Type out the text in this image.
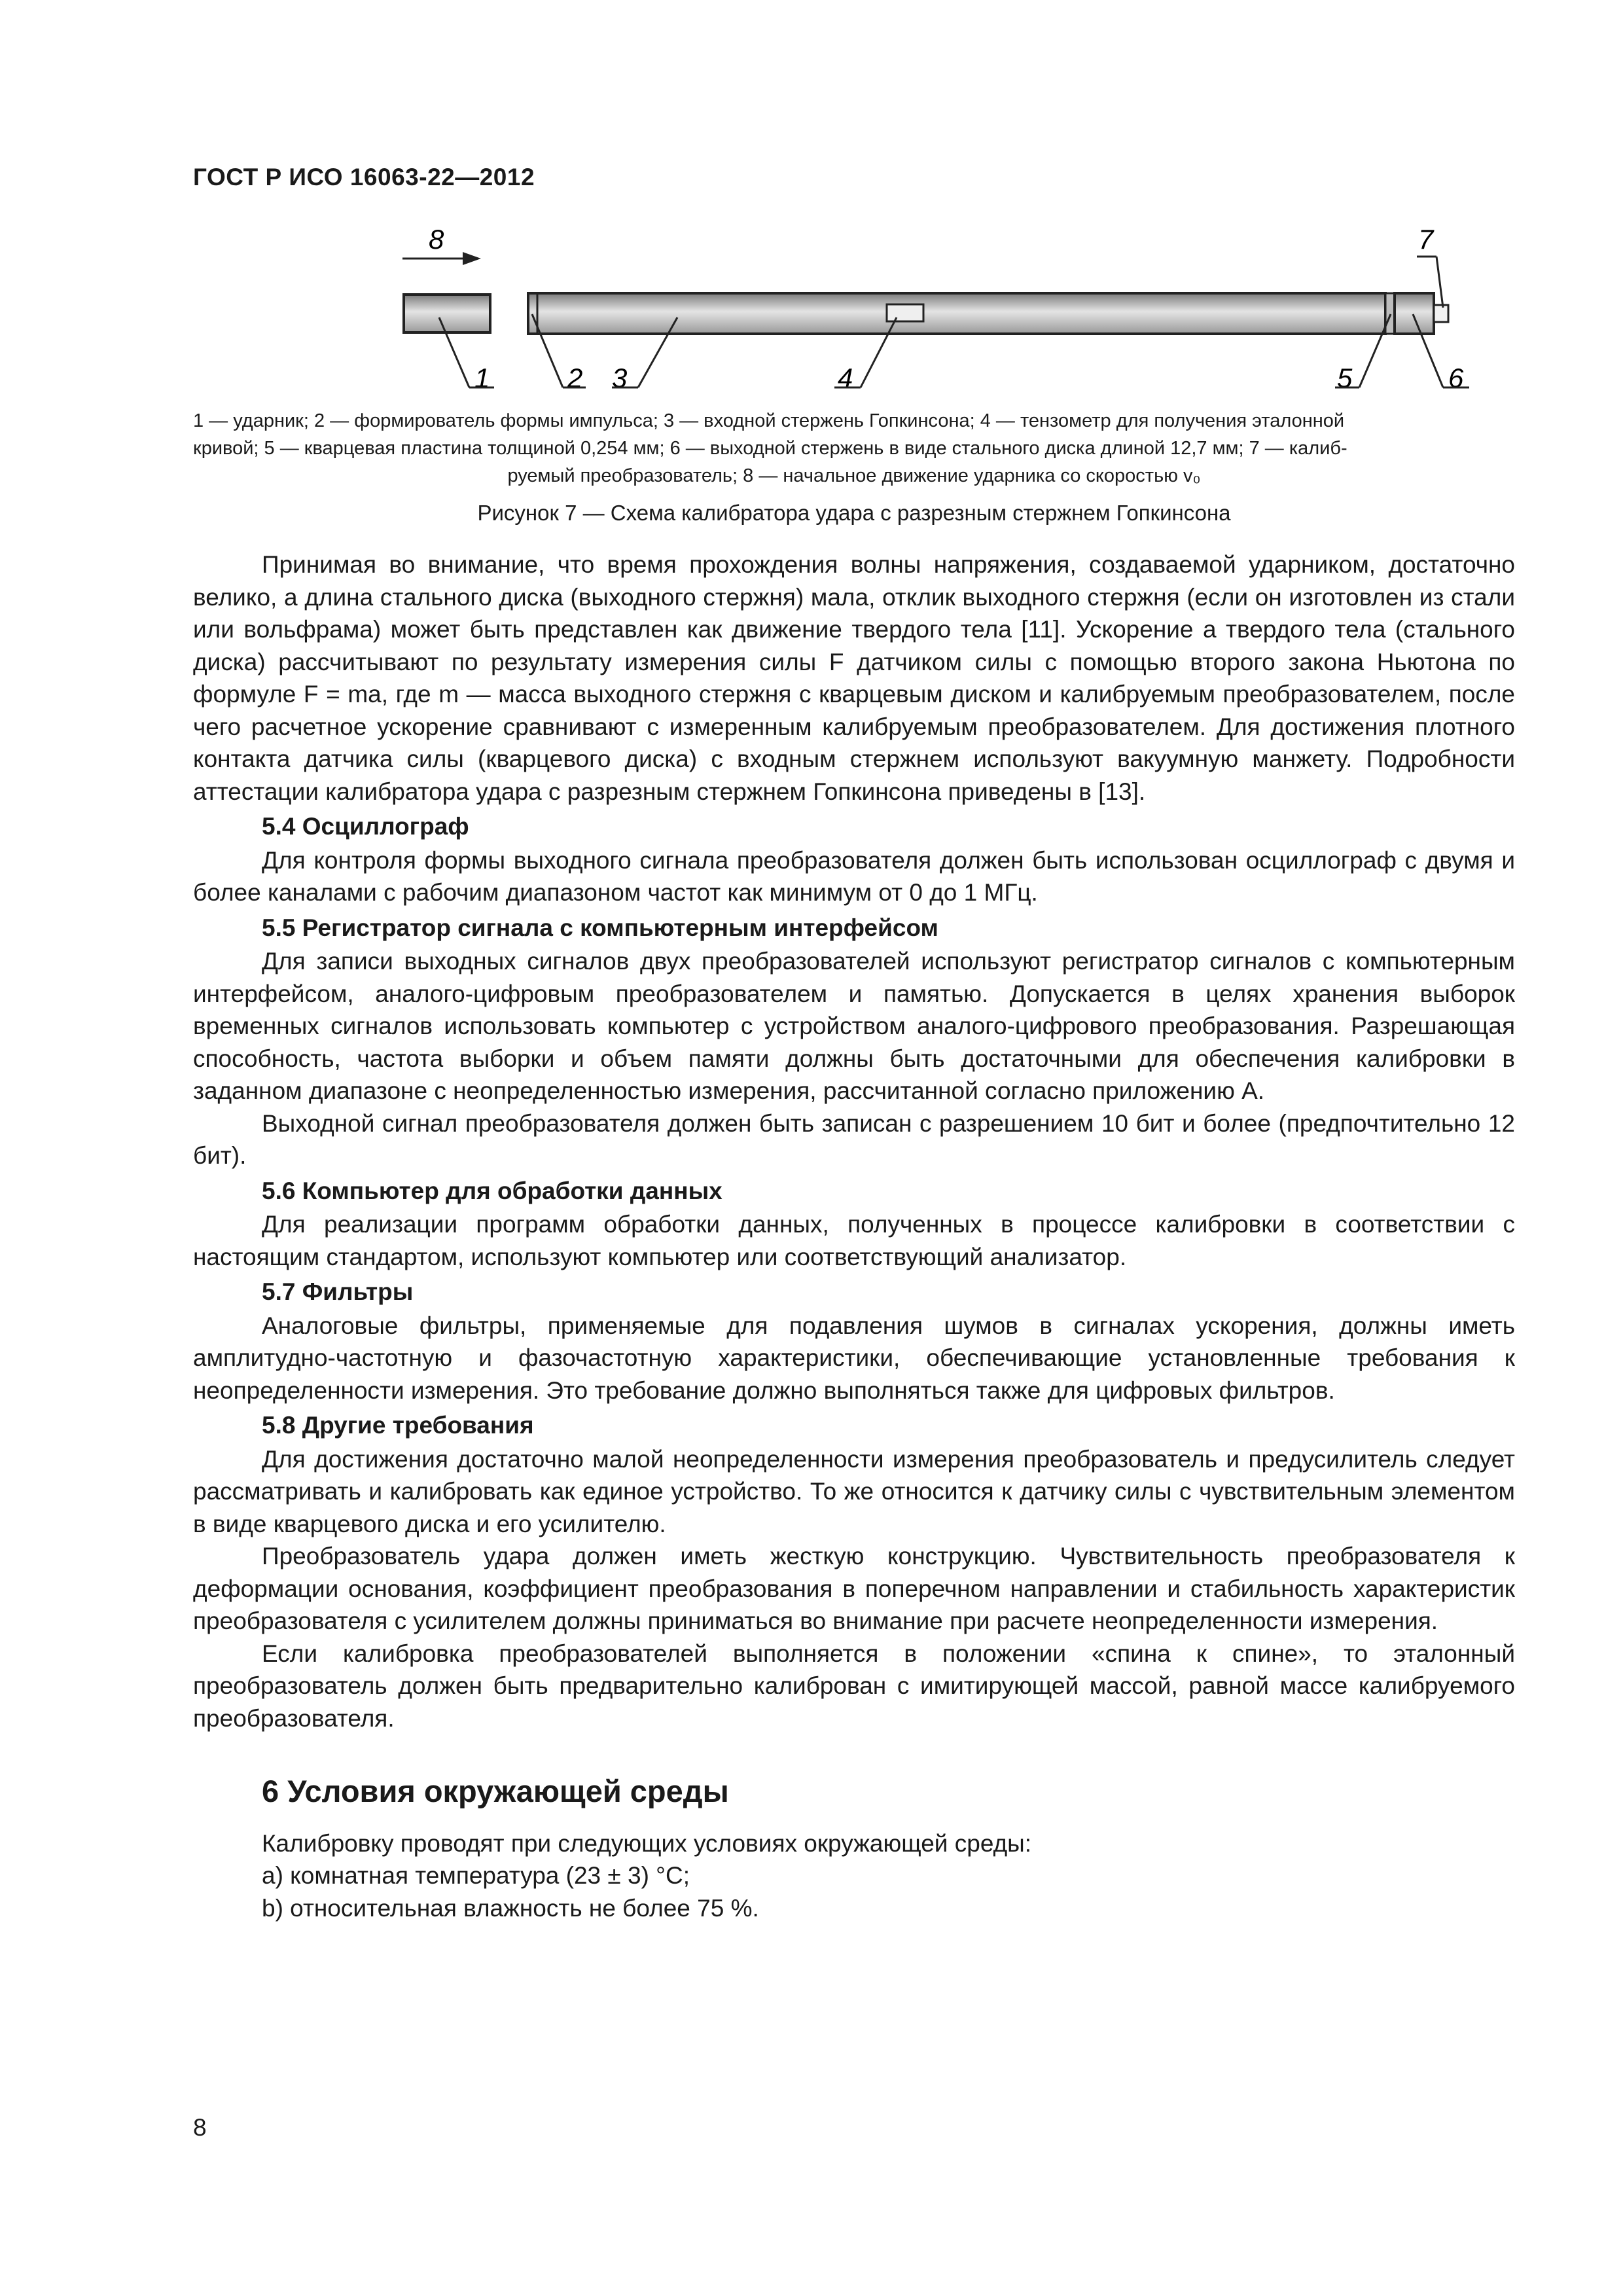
ГОСТ Р ИСО 16063-22—2012
8	7
1	2 3	4	5	6
1 — ударник; 2 — формирователь формы импульса; 3 — входной стержень Гопкинсона; 4 — тензометр для получения эталонной
кривой; 5 — кварцевая пластина толщиной 0,254 мм; 6 — выходной стержень в виде стального диска длиной 12,7 мм; 7 — калиб-
руемый преобразователь; 8 — начальное движение ударника со скоростью v₀
Рисунок 7 — Схема калибратора удара с разрезным стержнем Гопкинсона

Принимая во внимание, что время прохождения волны напряжения, создаваемой ударником, достаточно велико, а длина стального диска (выходного стержня) мала, отклик выходного стержня (если он изготовлен из стали или вольфрама) может быть представлен как движение твердого тела [11]. Ускорение a твердого тела (стального диска) рассчитывают по результату измерения силы F датчиком силы с помощью второго закона Ньютона по формуле F = ma, где m — масса выходного стержня с кварцевым диском и калибруемым преобразователем, после чего расчетное ускорение сравнивают с измеренным калибруемым преобразователем. Для достижения плотного контакта датчика силы (кварцевого диска) с входным стержнем используют вакуумную манжету. Подробности аттестации калибратора удара с разрезным стержнем Гопкинсона приведены в [13].

5.4 Осциллограф

Для контроля формы выходного сигнала преобразователя должен быть использован осциллограф с двумя и более каналами с рабочим диапазоном частот как минимум от 0 до 1 МГц.

5.5 Регистратор сигнала с компьютерным интерфейсом

Для записи выходных сигналов двух преобразователей используют регистратор сигналов с компьютерным интерфейсом, аналого-цифровым преобразователем и памятью. Допускается в целях хранения выборок временных сигналов использовать компьютер с устройством аналого-цифрового преобразования. Разрешающая способность, частота выборки и объем памяти должны быть достаточными для обеспечения калибровки в заданном диапазоне с неопределенностью измерения, рассчитанной согласно приложению А.

Выходной сигнал преобразователя должен быть записан с разрешением 10 бит и более (предпочтительно 12 бит).

5.6 Компьютер для обработки данных

Для реализации программ обработки данных, полученных в процессе калибровки в соответствии с настоящим стандартом, используют компьютер или соответствующий анализатор.

5.7 Фильтры

Аналоговые фильтры, применяемые для подавления шумов в сигналах ускорения, должны иметь амплитудно-частотную и фазочастотную характеристики, обеспечивающие установленные требования к неопределенности измерения. Это требование должно выполняться также для цифровых фильтров.

5.8 Другие требования

Для достижения достаточно малой неопределенности измерения преобразователь и предусилитель следует рассматривать и калибровать как единое устройство. То же относится к датчику силы с чувствительным элементом в виде кварцевого диска и его усилителю.

Преобразователь удара должен иметь жесткую конструкцию. Чувствительность преобразователя к деформации основания, коэффициент преобразования в поперечном направлении и стабильность характеристик преобразователя с усилителем должны приниматься во внимание при расчете неопределенности измерения.

Если калибровка преобразователей выполняется в положении «спина к спине», то эталонный преобразователь должен быть предварительно калиброван с имитирующей массой, равной массе калибруемого преобразователя.

6 Условия окружающей среды

Калибровку проводят при следующих условиях окружающей среды:

a) комнатная температура (23 ± 3) °С;

b) относительная влажность не более 75 %.

8
